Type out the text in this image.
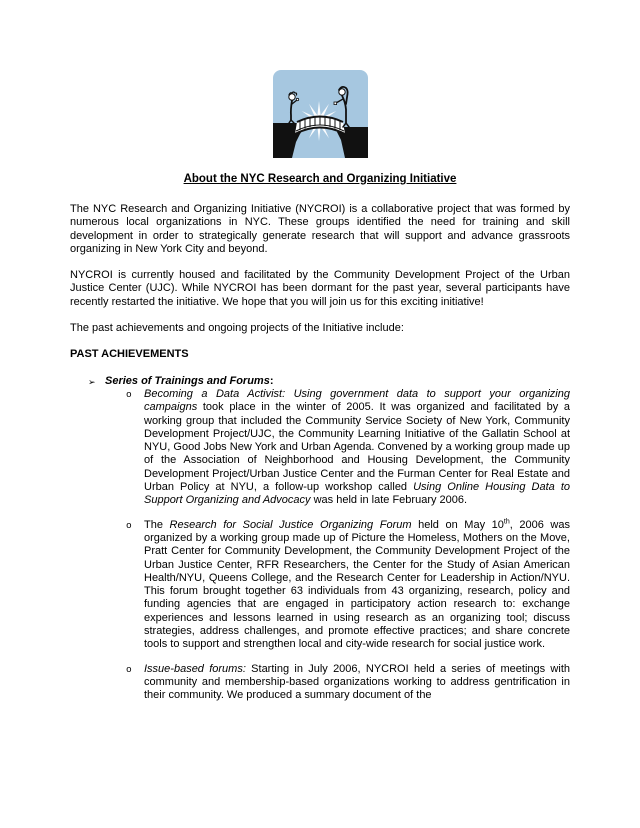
About the NYC Research and Organizing Initiative

The NYC Research and Organizing Initiative (NYCROI) is a collaborative project that was formed by numerous local organizations in NYC. These groups identified the need for training and skill development in order to strategically generate research that will support and advance grassroots organizing in New York City and beyond.

NYCROI is currently housed and facilitated by the Community Development Project of the Urban Justice Center (UJC). While NYCROI has been dormant for the past year, several participants have recently restarted the initiative. We hope that you will join us for this exciting initiative!

The past achievements and ongoing projects of the Initiative include:

PAST ACHIEVEMENTS
➢ Series of Trainings and Forums:
o Becoming a Data Activist: Using government data to support your organizing campaigns took place in the winter of 2005. It was organized and facilitated by a working group that included the Community Service Society of New York, Community Development Project/UJC, the Community Learning Initiative of the Gallatin School at NYU, Good Jobs New York and Urban Agenda. Convened by a working group made up of the Association of Neighborhood and Housing Development, the Community Development Project/Urban Justice Center and the Furman Center for Real Estate and Urban Policy at NYU, a follow-up workshop called Using Online Housing Data to Support Organizing and Advocacy was held in late February 2006.
o The Research for Social Justice Organizing Forum held on May 10th, 2006 was organized by a working group made up of Picture the Homeless, Mothers on the Move, Pratt Center for Community Development, the Community Development Project of the Urban Justice Center, RFR Researchers, the Center for the Study of Asian American Health/NYU, Queens College, and the Research Center for Leadership in Action/NYU. This forum brought together 63 individuals from 43 organizing, research, policy and funding agencies that are engaged in participatory action research to: exchange experiences and lessons learned in using research as an organizing tool; discuss strategies, address challenges, and promote effective practices; and share concrete tools to support and strengthen local and city-wide research for social justice work.
o Issue-based forums: Starting in July 2006, NYCROI held a series of meetings with community and membership-based organizations working to address gentrification in their community. We produced a summary document of the
